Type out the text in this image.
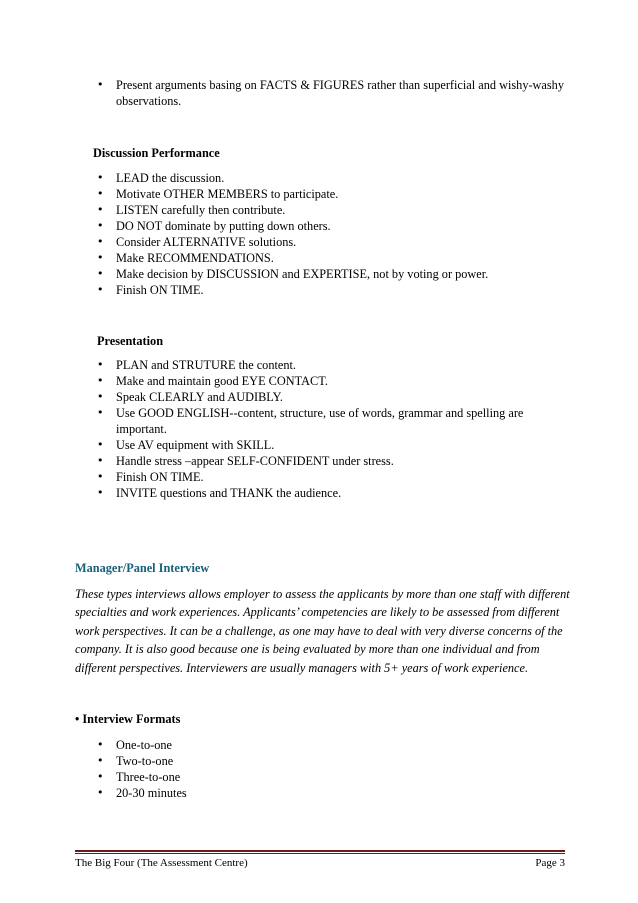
• Present arguments basing on FACTS & FIGURES rather than superficial and wishy-washy observations.
Discussion Performance
• LEAD the discussion.
• Motivate OTHER MEMBERS to participate.
• LISTEN carefully then contribute.
• DO NOT dominate by putting down others.
• Consider ALTERNATIVE solutions.
• Make RECOMMENDATIONS.
• Make decision by DISCUSSION and EXPERTISE, not by voting or power.
• Finish ON TIME.
Presentation
• PLAN and STRUTURE the content.
• Make and maintain good EYE CONTACT.
• Speak CLEARLY and AUDIBLY.
• Use GOOD ENGLISH--content, structure, use of words, grammar and spelling are important.
• Use AV equipment with SKILL.
• Handle stress –appear SELF-CONFIDENT under stress.
• Finish ON TIME.
• INVITE questions and THANK the audience.
Manager/Panel Interview
These types interviews allows employer to assess the applicants by more than one staff with different specialties and work experiences. Applicants’ competencies are likely to be assessed from different work perspectives. It can be a challenge, as one may have to deal with very diverse concerns of the company. It is also good because one is being evaluated by more than one individual and from different perspectives. Interviewers are usually managers with 5+ years of work experience.
• Interview Formats
• One-to-one
• Two-to-one
• Three-to-one
• 20-30 minutes
The Big Four (The Assessment Centre)	Page 3
